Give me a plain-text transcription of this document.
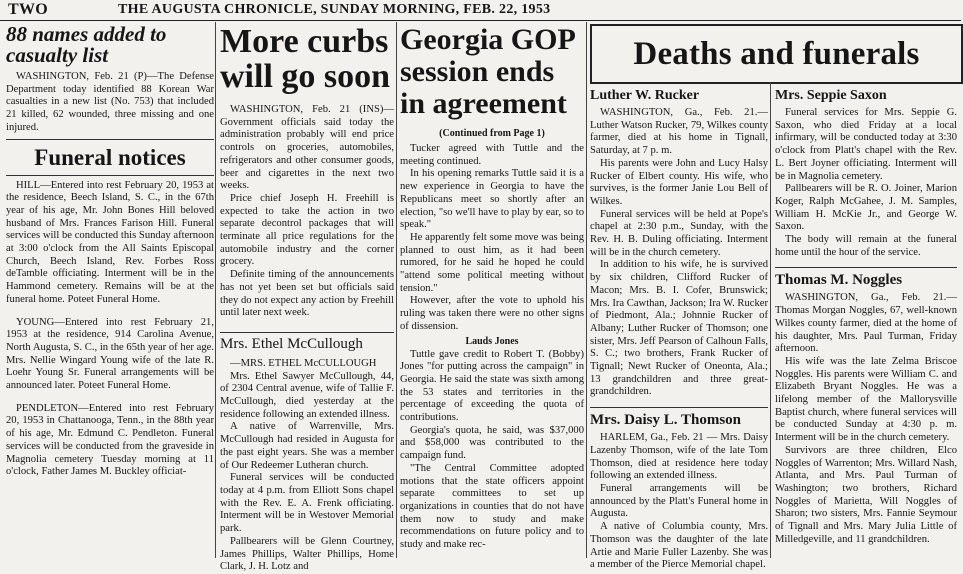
TWO	THE AUGUSTA CHRONICLE, SUNDAY MORNING, FEB. 22, 1953

88 names added to casualty list

WASHINGTON, Feb. 21 (P)—The Defense Department today identified 88 Korean War casualties in a new list (No. 753) that included 21 killed, 62 wounded, three missing and one injured.

Funeral notices

HILL—Entered into rest February 20, 1953 at the residence, Beech Island, S. C., in the 67th year of his age, Mr. John Bones Hill beloved husband of Mrs. Frances Farison Hill. Funeral services will be conducted this Sunday afternoon at 3:00 o'clock from the All Saints Episcopal Church, Beech Island, Rev. Forbes Ross deTamble officiating. Interment will be in the Hammond cemetery. Remains will be at the funeral home. Poteet Funeral Home.

YOUNG—Entered into rest February 21, 1953 at the residence, 914 Carolina Avenue, North Augusta, S. C., in the 65th year of her age. Mrs. Nellie Wingard Young wife of the late R. Loehr Young Sr. Funeral arrangements will be announced later. Poteet Funeral Home.

PENDLETON—Entered into rest February 20, 1953 in Chattanooga, Tenn., in the 88th year of his age, Mr. Edmund C. Pendleton. Funeral services will be conducted from the graveside in Magnolia cemetery Tuesday morning at 11 o'clock, Father James M. Buckley officiat-

More curbs will go soon

WASHINGTON, Feb. 21 (INS)—Government officials said today the administration probably will end price controls on groceries, automobiles, refrigerators and other consumer goods, beer and cigarettes in the next two weeks.

Price chief Joseph H. Freehill is expected to take the action in two separate decontrol packages that will terminate all price regulations for the automobile industry and the corner grocery.

Definite timing of the announcements has not yet been set but officials said they do not expect any action by Freehill until later next week.

Mrs. Ethel McCullough

—MRS. ETHEL McCULLOUGH

Mrs. Ethel Sawyer McCullough, 44, of 2304 Central avenue, wife of Tallie F. McCullough, died yesterday at the residence following an extended illness.

A native of Warrenville, Mrs. McCullough had resided in Augusta for the past eight years. She was a member of Our Redeemer Lutheran church.

Funeral services will be conducted today at 4 p.m. from Elliott Sons chapel with the Rev. E. A. Frenk officiating. Interment will be in Westover Memorial park.

Pallbearers will be Glenn Courtney, James Phillips, Walter Phillips, Home Clark, J. H. Lotz and

Georgia GOP session ends in agreement

(Continued from Page 1)

Tucker agreed with Tuttle and the meeting continued.

In his opening remarks Tuttle said it is a new experience in Georgia to have the Republicans meet so shortly after an election, "so we'll have to play by ear, so to speak."

He apparently felt some move was being planned to oust him, as it had been rumored, for he said he hoped he could "attend some political meeting without tension."

However, after the vote to uphold his ruling was taken there were no other signs of dissension.

Lauds Jones

Tuttle gave credit to Robert T. (Bobby) Jones "for putting across the campaign" in Georgia. He said the state was sixth among the 53 states and territories in the percentage of exceeding the quota of contributions.

Georgia's quota, he said, was $37,000 and $58,000 was contributed to the campaign fund.

"The Central Committee adopted motions that the state officers appoint separate committees to set up organizations in counties that do not have them now to study and make recommendations on future policy and to study and make rec-

Deaths and funerals

Luther W. Rucker

WASHINGTON, Ga., Feb. 21.—Luther Watson Rucker, 79, Wilkes county farmer, died at his home in Tignall, Saturday, at 7 p. m.

His parents were John and Lucy Halsy Rucker of Elbert county. His wife, who survives, is the former Janie Lou Bell of Wilkes.

Funeral services will be held at Pope's chapel at 2:30 p.m., Sunday, with the Rev. H. B. Duling officiating. Interment will be in the church cemetery.

In addition to his wife, he is survived by six children, Clifford Rucker of Macon; Mrs. B. I. Cofer, Brunswick; Mrs. Ira Cawthan, Jackson; Ira W. Rucker of Piedmont, Ala.; Johnnie Rucker of Albany; Luther Rucker of Thomson; one sister, Mrs. Jeff Pearson of Calhoun Falls, S. C.; two brothers, Frank Rucker of Tignall; Newt Rucker of Oneonta, Ala.; 13 grandchildren and three great-grandchildren.

Mrs. Daisy L. Thomson

HARLEM, Ga., Feb. 21 — Mrs. Daisy Lazenby Thomson, wife of the late Tom Thomson, died at residence here today following an extended illness.

Funeral arrangements will be announced by the Platt's Funeral home in Augusta.

A native of Columbia county, Mrs. Thomson was the daughter of the late Artie and Marie Fuller Lazenby. She was a member of the Pierce Memorial chapel.

Mrs. Seppie Saxon

Funeral services for Mrs. Seppie G. Saxon, who died Friday at a local infirmary, will be conducted today at 3:30 o'clock from Platt's chapel with the Rev. L. Bert Joyner officiating. Interment will be in Magnolia cemetery.

Pallbearers will be R. O. Joiner, Marion Koger, Ralph McGahee, J. M. Samples, William H. McKie Jr., and George W. Saxon.

The body will remain at the funeral home until the hour of the service.

Thomas M. Noggles

WASHINGTON, Ga., Feb. 21.—Thomas Morgan Noggles, 67, well-known Wilkes county farmer, died at the home of his daughter, Mrs. Paul Turman, Friday afternoon.

His wife was the late Zelma Briscoe Noggles. His parents were William C. and Elizabeth Bryant Noggles. He was a lifelong member of the Mallorysville Baptist church, where funeral services will be conducted Sunday at 4:30 p. m. Interment will be in the church cemetery.

Survivors are three children, Elco Noggles of Warrenton; Mrs. Willard Nash, Atlanta, and Mrs. Paul Turman of Washington; two brothers, Richard Noggles of Marietta, Will Noggles of Sharon; two sisters, Mrs. Fannie Seymour of Tignall and Mrs. Mary Julia Little of Milledgeville, and 11 grandchildren.
